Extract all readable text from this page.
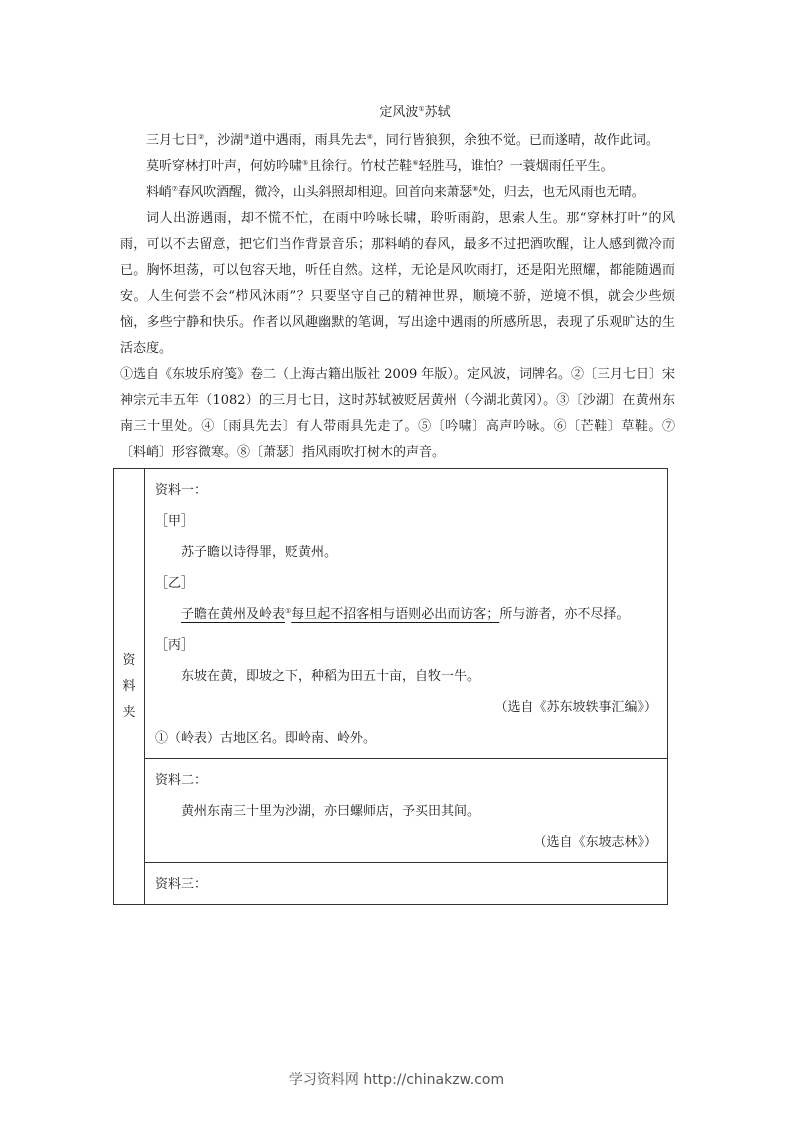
定风波①苏轼

三月七日②，沙湖③道中遇雨，雨具先去④，同行皆狼狈，余独不觉。已而遂晴，故作此词。

莫听穿林打叶声，何妨吟啸⑤且徐行。竹杖芒鞋⑥轻胜马，谁怕？一蓑烟雨任平生。

料峭⑦春风吹酒醒，微冷，山头斜照却相迎。回首向来萧瑟⑧处，归去，也无风雨也无晴。

词人出游遇雨，却不慌不忙，在雨中吟咏长啸，聆听雨韵，思索人生。那“穿林打叶”的风雨，可以不去留意，把它们当作背景音乐；那料峭的春风，最多不过把酒吹醒，让人感到微冷而已。胸怀坦荡，可以包容天地，听任自然。这样，无论是风吹雨打，还是阳光照耀，都能随遇而安。人生何尝不会“栉风沐雨”？只要坚守自己的精神世界，顺境不骄，逆境不惧，就会少些烦恼，多些宁静和快乐。作者以风趣幽默的笔调，写出途中遇雨的所感所思，表现了乐观旷达的生活态度。

①选自《东坡乐府笺》卷二（上海古籍出版社 2009 年版）。定风波，词牌名。②〔三月七日〕宋神宗元丰五年（1082）的三月七日，这时苏轼被贬居黄州（今湖北黄冈）。③〔沙湖〕在黄州东南三十里处。④〔雨具先去〕有人带雨具先走了。⑤〔吟啸〕高声吟咏。⑥〔芒鞋〕草鞋。⑦〔料峭〕形容微寒。⑧〔萧瑟〕指风雨吹打树木的声音。

资
料
夹

资料一：
［甲］
苏子瞻以诗得罪，贬黄州。
［乙］
子瞻在黄州及岭表①每旦起不招客相与语则必出而访客；所与游者，亦不尽择。
［丙］
东坡在黄，即坡之下，种稻为田五十亩，自牧一牛。
（选自《苏东坡轶事汇编》）
①（岭表）古地区名。即岭南、岭外。

资料二：
黄州东南三十里为沙湖，亦曰螺师店，予买田其间。
（选自《东坡志林》）

资料三：
学习资料网 http://chinakzw.com
